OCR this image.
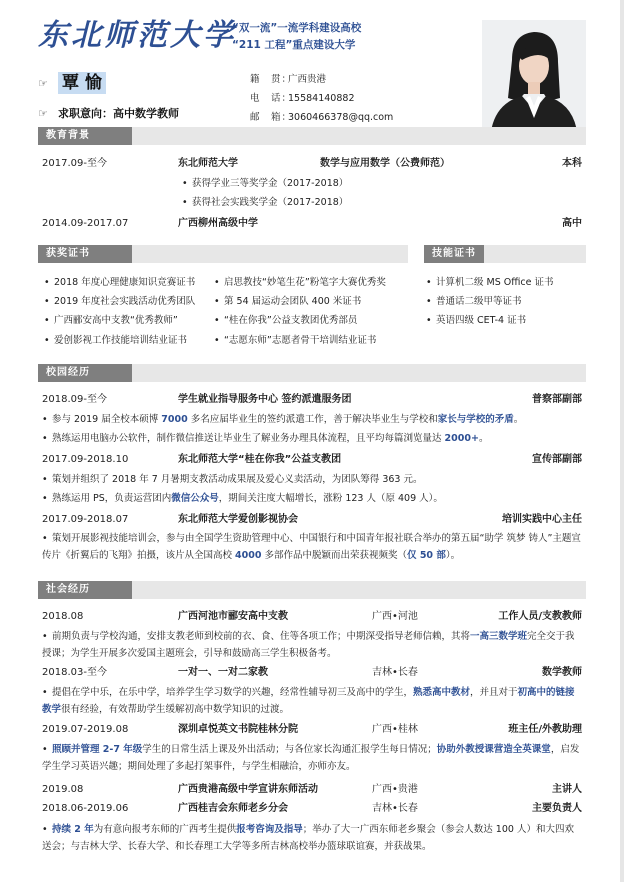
东北师范大学
“双一流”一流学科建设高校
“211 工程”重点建设大学
☞ 覃 愉
☞ 求职意向：高中数学教师
籍　贯：
广西贵港
电　话：
15584140882
邮　箱：
3060466378@qq.com
教育背景
2017.09-至今	东北师范大学	数学与应用数学（公费师范）	本科
• 获得学业三等奖学金（2017-2018）
• 获得社会实践奖学金（2017-2018）
2014.09-2017.07	广西柳州高级中学	高中
获奖证书	技能证书
• 2018 年度心理健康知识竞赛证书
• 2019 年度社会实践活动优秀团队
• 广西郦安高中支教“优秀教师”
• 爱创影视工作技能培训结业证书
• 启思教技“妙笔生花”粉笔字大赛优秀奖
• 第 54 届运动会团队 400 米证书
• “桂在你我”公益支教团优秀部员
• “志愿东师”志愿者骨干培训结业证书
• 计算机二级 MS Office 证书
• 普通话二级甲等证书
• 英语四级 CET-4 证书
校园经历
2018.09-至今	学生就业指导服务中心 签约派遣服务团	普察部副部
• 参与 2019 届全校本硕博 7000 多名应届毕业生的签约派遣工作，善于解决毕业生与学校和家长与学校的矛盾。
• 熟练运用电脑办公软件，制作微信推送让毕业生了解业务办理具体流程，且平均每篇浏览量达 2000+。
2017.09-2018.10	东北师范大学“桂在你我”公益支教团	宣传部副部
• 策划并组织了 2018 年 7 月暑期支教活动成果展及爱心义卖活动，为团队筹得 363 元。
• 熟练运用 PS，负责运营团内微信公众号，期间关注度大幅增长，涨粉 123 人（原 409 人）。
2017.09-2018.07	东北师范大学爱创影视协会	培训实践中心主任
• 策划开展影视技能培训会，参与由全国学生资助管理中心、中国银行和中国青年报社联合举办的第五届“助学 筑梦 铸人”主题宣传片《折翼后的飞翔》拍摄，该片从全国高校 4000 多部作品中脱颖而出荣获视频奖（仅 50 部）。
社会经历
2018.08	广西河池市郦安高中支教	广西•河池	工作人员/支教教师
• 前期负责与学校沟通，安排支教老师到校前的衣、食、住等各项工作；中期深受指导老师信赖，其将一高三数学班完全交于我授课；为学生开展多次爱国主题班会，引导和鼓励高三学生积极备考。
2018.03-至今	一对一、一对二家教	吉林•长春	数学教师
• 提倡在学中乐，在乐中学，培养学生学习数学的兴趣，经常性辅导初三及高中的学生，熟悉高中教材，并且对于初高中的链接教学很有经验，有效帮助学生缓解初高中数学知识的过渡。
2019.07-2019.08	深圳卓悦英文书院桂林分院	广西•桂林	班主任/外教助理
• 照顾并管理 2-7 年级学生的日常生活上课及外出活动；与各位家长沟通汇报学生每日情况；协助外教授课营造全英课堂，启发学生学习英语兴趣；期间处理了多起打架事件，与学生相融洽，亦师亦友。
2019.08	广西贵港高级中学宣讲东师活动	广西•贵港	主讲人
2018.06-2019.06	广西桂吉会东师老乡分会	吉林•长春	主要负责人
• 持续 2 年为有意向报考东师的广西考生提供报考咨询及指导；举办了大一广西东师老乡聚会（参会人数达 100 人）和大四欢送会；与吉林大学、长春大学、和长春理工大学等多所吉林高校举办篮球联谊赛，并获战果。
